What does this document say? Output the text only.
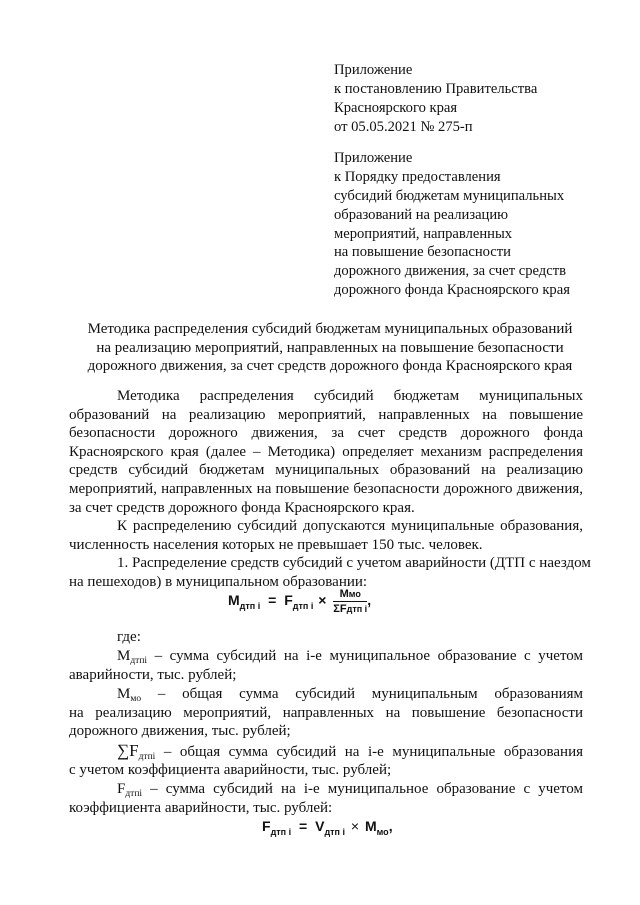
Приложение
к постановлению Правительства
Красноярского края
от 05.05.2021 № 275-п
Приложение
к Порядку предоставления
субсидий бюджетам муниципальных
образований на реализацию
мероприятий, направленных
на повышение безопасности
дорожного движения, за счет средств
дорожного фонда Красноярского края
Методика распределения субсидий бюджетам муниципальных образований
на реализацию мероприятий, направленных на повышение безопасности
дорожного движения, за счет средств дорожного фонда Красноярского края
Методика распределения субсидий бюджетам муниципальных
образований на реализацию мероприятий, направленных на повышение
безопасности дорожного движения, за счет средств дорожного фонда
Красноярского края (далее – Методика) определяет механизм распределения
средств субсидий бюджетам муниципальных образований на реализацию
мероприятий, направленных на повышение безопасности дорожного движения,
за счет средств дорожного фонда Красноярского края.
К распределению субсидий допускаются муниципальные образования,
численность населения которых не превышает 150 тыс. человек.
1. Распределение средств субсидий с учетом аварийности (ДТП с наездом
на пешеходов) в муниципальном образовании:
$M_{дтп i} = F_{дтп i} \times \frac{\text{Mмо}}{\text{ΣFдтп i}}$ ,
где:
$M_{дтпi}$ – сумма субсидий на i-е муниципальное образование с учетом
аварийности, тыс. рублей;
$M_{мо}$ – общая сумма субсидий муниципальным образованиям
на реализацию мероприятий, направленных на повышение безопасности
дорожного движения, тыс. рублей;
$\sum F_{дтпi}$ – общая сумма субсидий на i-е муниципальные образования
с учетом коэффициента аварийности, тыс. рублей;
$F_{дтпi}$ – сумма субсидий на i-е муниципальное образование с учетом
коэффициента аварийности, тыс. рублей:
$F_{дтп i} = V_{дтп i} \times M_{мо}$,
